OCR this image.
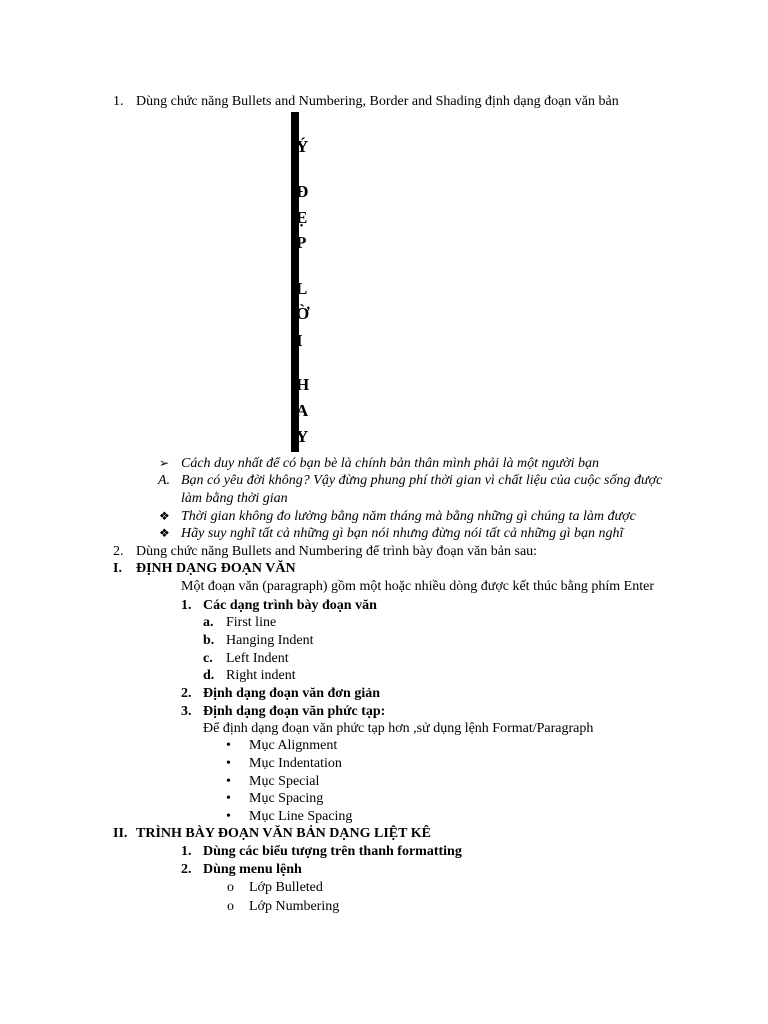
1. Dùng chức năng Bullets and Numbering, Border and Shading định dạng đoạn văn bản
Ý
Đ
Ẹ
P
L
Ờ
I
H
A
Y
➢ Cách duy nhất để có bạn bè là chính bản thân mình phải là một người bạn
A. Bạn có yêu đời không? Vậy đừng phung phí thời gian vì chất liệu của cuộc sống được
làm bằng thời gian
❖ Thời gian không đo lường bằng năm tháng mà bằng những gì chúng ta làm được
❖ Hãy suy nghĩ tất cả những gì bạn nói nhưng đừng nói tất cả những gì bạn nghĩ
2. Dùng chức năng Bullets and Numbering để trình bày đoạn văn bản sau:
I. ĐỊNH DẠNG ĐOẠN VĂN
Một đoạn văn (paragraph) gồm một hoặc nhiều dòng được kết thúc bằng phím Enter
1. Các dạng trình bày đoạn văn
a. First line
b. Hanging Indent
c. Left Indent
d. Right indent
2. Định dạng đoạn văn đơn giản
3. Định dạng đoạn văn phức tạp:
Để định dạng đoạn văn phức tạp hơn ,sử dụng lệnh Format/Paragraph
• Mục Alignment
• Mục Indentation
• Mục Special
• Mục Spacing
• Mục Line Spacing
II. TRÌNH BÀY ĐOẠN VĂN BẢN DẠNG LIỆT KÊ
1. Dùng các biểu tượng trên thanh formatting
2. Dùng menu lệnh
o Lớp Bulleted
o Lớp Numbering
